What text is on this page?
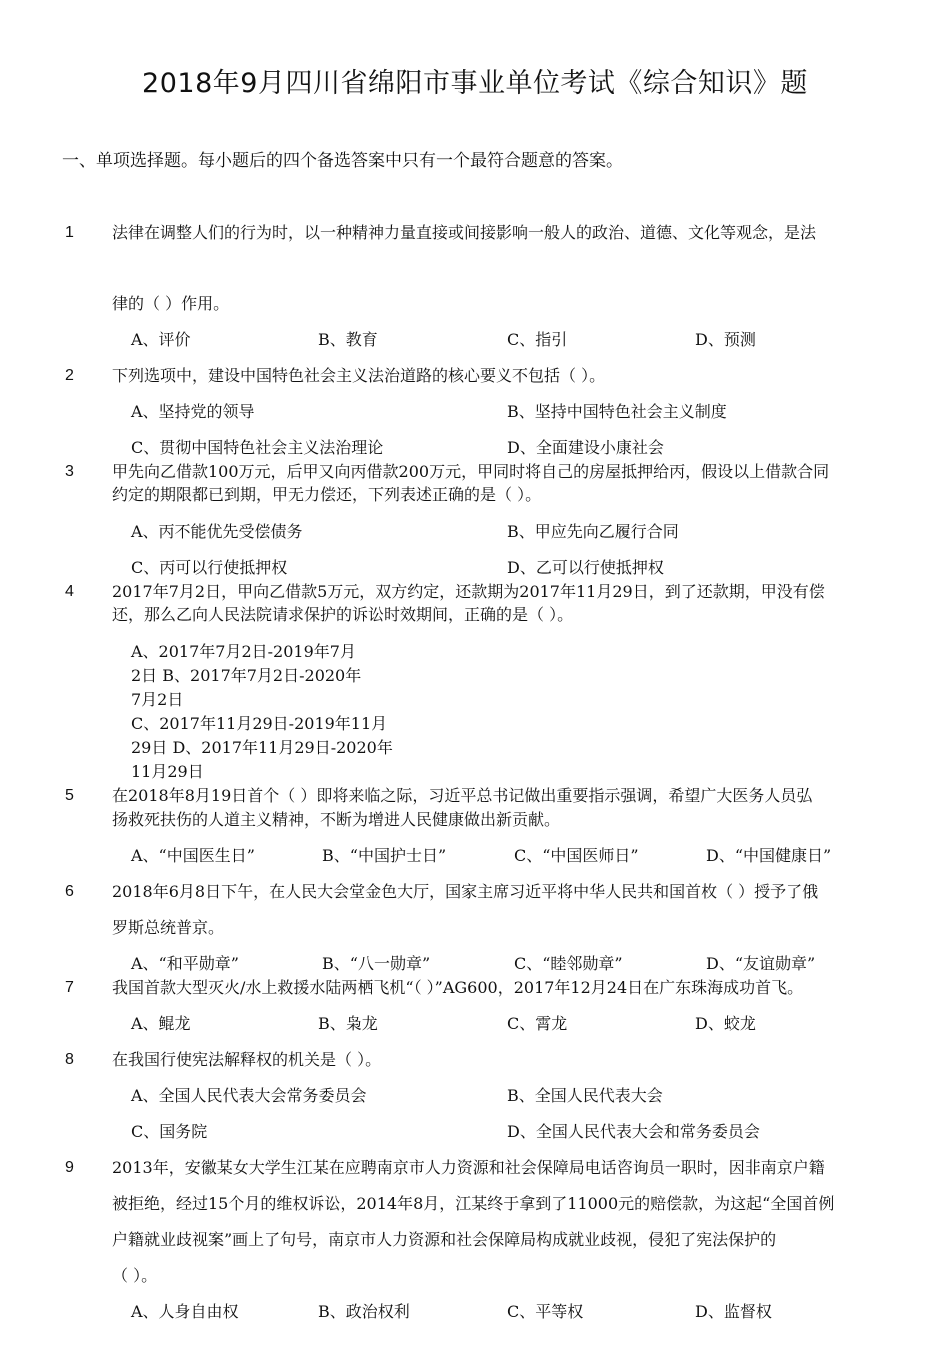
2018年9月四川省绵阳市事业单位考试《综合知识》题
一、单项选择题。每小题后的四个备选答案中只有一个最符合题意的答案。
1 法律在调整人们的行为时，以一种精神力量直接或间接影响一般人的政治、道德、文化等观念，是法
律的（ ）作用。
A、评价	B、教育	C、指引	D、预测
2 下列选项中，建设中国特色社会主义法治道路的核心要义不包括（ ）。
A、坚持党的领导	B、坚持中国特色社会主义制度
C、贯彻中国特色社会主义法治理论	D、全面建设小康社会
3 甲先向乙借款100万元，后甲又向丙借款200万元，甲同时将自己的房屋抵押给丙，假设以上借款合同
约定的期限都已到期，甲无力偿还，下列表述正确的是（ ）。
A、丙不能优先受偿债务	B、甲应先向乙履行合同
C、丙可以行使抵押权	D、乙可以行使抵押权
4 2017年7月2日，甲向乙借款5万元，双方约定，还款期为2017年11月29日，到了还款期，甲没有偿
还，那么乙向人民法院请求保护的诉讼时效期间，正确的是（ ）。
A、2017年7月2日-2019年7月
2日 B、2017年7月2日-2020年
7月2日
C、2017年11月29日-2019年11月
29日 D、2017年11月29日-2020年
11月29日
5 在2018年8月19日首个（ ）即将来临之际，习近平总书记做出重要指示强调，希望广大医务人员弘
扬救死扶伤的人道主义精神，不断为增进人民健康做出新贡献。
A、“中国医生日”	B、“中国护士日”	C、“中国医师日”	D、“中国健康日”
6 2018年6月8日下午，在人民大会堂金色大厅，国家主席习近平将中华人民共和国首枚（ ）授予了俄
罗斯总统普京。
A、“和平勋章”	B、“八一勋章”	C、“睦邻勋章”	D、“友谊勋章”
7 我国首款大型灭火/水上救援水陆两栖飞机“（ ）”AG600，2017年12月24日在广东珠海成功首飞。
A、鲲龙	B、枭龙	C、霄龙	D、蛟龙
8 在我国行使宪法解释权的机关是（ ）。
A、全国人民代表大会常务委员会	B、全国人民代表大会
C、国务院	D、全国人民代表大会和常务委员会
9 2013年，安徽某女大学生江某在应聘南京市人力资源和社会保障局电话咨询员一职时，因非南京户籍
被拒绝，经过15个月的维权诉讼，2014年8月，江某终于拿到了11000元的赔偿款，为这起“全国首例
户籍就业歧视案”画上了句号，南京市人力资源和社会保障局构成就业歧视，侵犯了宪法保护的
（ ）。
A、人身自由权	B、政治权利	C、平等权	D、监督权
